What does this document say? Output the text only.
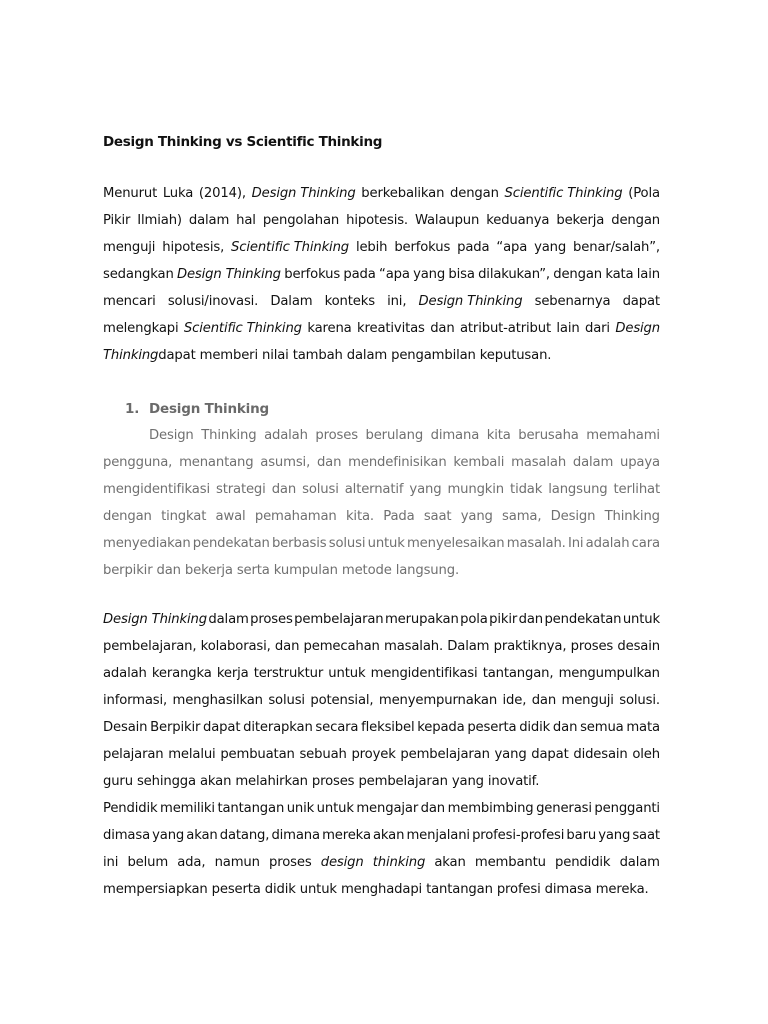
Design Thinking vs Scientific Thinking
Menurut Luka (2014), Design Thinking berkebalikan dengan Scientific Thinking (Pola
Pikir Ilmiah) dalam hal pengolahan hipotesis. Walaupun keduanya bekerja dengan
menguji hipotesis, Scientific Thinking lebih berfokus pada “apa yang benar/salah”,
sedangkan Design Thinking berfokus pada “apa yang bisa dilakukan”, dengan kata lain
mencari solusi/inovasi. Dalam konteks ini, Design Thinking sebenarnya dapat
melengkapi Scientific Thinking karena kreativitas dan atribut-atribut lain dari Design
Thinking dapat memberi nilai tambah dalam pengambilan keputusan.
1. Design Thinking
Design Thinking adalah proses berulang dimana kita berusaha memahami
pengguna, menantang asumsi, dan mendefinisikan kembali masalah dalam upaya
mengidentifikasi strategi dan solusi alternatif yang mungkin tidak langsung terlihat
dengan tingkat awal pemahaman kita. Pada saat yang sama, Design Thinking
menyediakan pendekatan berbasis solusi untuk menyelesaikan masalah. Ini adalah cara
berpikir dan bekerja serta kumpulan metode langsung.
Design Thinking dalam proses pembelajaran merupakan pola pikir dan pendekatan untuk
pembelajaran, kolaborasi, dan pemecahan masalah. Dalam praktiknya, proses desain
adalah kerangka kerja terstruktur untuk mengidentifikasi tantangan, mengumpulkan
informasi, menghasilkan solusi potensial, menyempurnakan ide, dan menguji solusi.
Desain Berpikir dapat diterapkan secara fleksibel kepada peserta didik dan semua mata
pelajaran melalui pembuatan sebuah proyek pembelajaran yang dapat didesain oleh
guru sehingga akan melahirkan proses pembelajaran yang inovatif.
Pendidik memiliki tantangan unik untuk mengajar dan membimbing generasi pengganti
dimasa yang akan datang, dimana mereka akan menjalani profesi-profesi baru yang saat
ini belum ada, namun proses design thinking akan membantu pendidik dalam
mempersiapkan peserta didik untuk menghadapi tantangan profesi dimasa mereka.
